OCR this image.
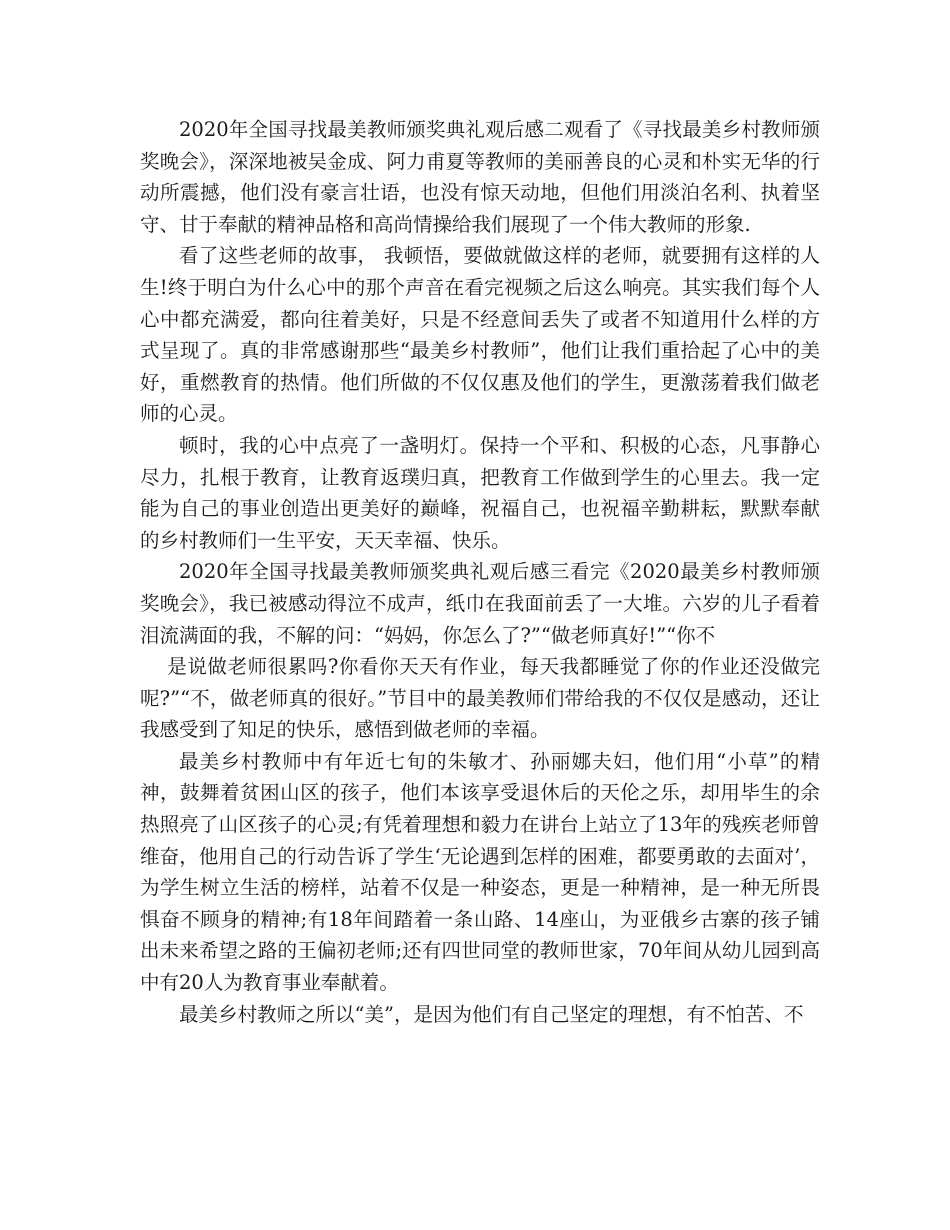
2020年全国寻找最美教师颁奖典礼观后感二观看了《寻找最美乡村教师颁奖晚会》，深深地被吴金成、阿力甫夏等教师的美丽善良的心灵和朴实无华的行动所震撼，他们没有豪言壮语，也没有惊天动地，但他们用淡泊名利、执着坚守、甘于奉献的精神品格和高尚情操给我们展现了一个伟大教师的形象.

看了这些老师的故事， 我顿悟，要做就做这样的老师，就要拥有这样的人生!终于明白为什么心中的那个声音在看完视频之后这么响亮。其实我们每个人心中都充满爱，都向往着美好，只是不经意间丢失了或者不知道用什么样的方式呈现了。真的非常感谢那些“最美乡村教师”，他们让我们重拾起了心中的美好，重燃教育的热情。他们所做的不仅仅惠及他们的学生，更激荡着我们做老师的心灵。

顿时，我的心中点亮了一盏明灯。保持一个平和、积极的心态，凡事静心尽力，扎根于教育，让教育返璞归真，把教育工作做到学生的心里去。我一定能为自己的事业创造出更美好的巅峰，祝福自己，也祝福辛勤耕耘，默默奉献的乡村教师们一生平安，天天幸福、快乐。

2020年全国寻找最美教师颁奖典礼观后感三看完《2020最美乡村教师颁奖晚会》，我已被感动得泣不成声，纸巾在我面前丢了一大堆。六岁的儿子看着泪流满面的我，不解的问：“妈妈，你怎么了?”“做老师真好!”“你不

是说做老师很累吗?你看你天天有作业，每天我都睡觉了你的作业还没做完呢?”“不，做老师真的很好。”节目中的最美教师们带给我的不仅仅是感动，还让我感受到了知足的快乐，感悟到做老师的幸福。

最美乡村教师中有年近七旬的朱敏才、孙丽娜夫妇，他们用“小草”的精神，鼓舞着贫困山区的孩子，他们本该享受退休后的天伦之乐，却用毕生的余热照亮了山区孩子的心灵;有凭着理想和毅力在讲台上站立了13年的残疾老师曾维奋，他用自己的行动告诉了学生‘无论遇到怎样的困难，都要勇敢的去面对’，为学生树立生活的榜样，站着不仅是一种姿态，更是一种精神，是一种无所畏惧奋不顾身的精神;有18年间踏着一条山路、14座山，为亚俄乡古寨的孩子铺出未来希望之路的王偏初老师;还有四世同堂的教师世家，70年间从幼儿园到高中有20人为教育事业奉献着。

最美乡村教师之所以“美”，是因为他们有自己坚定的理想，有不怕苦、不
